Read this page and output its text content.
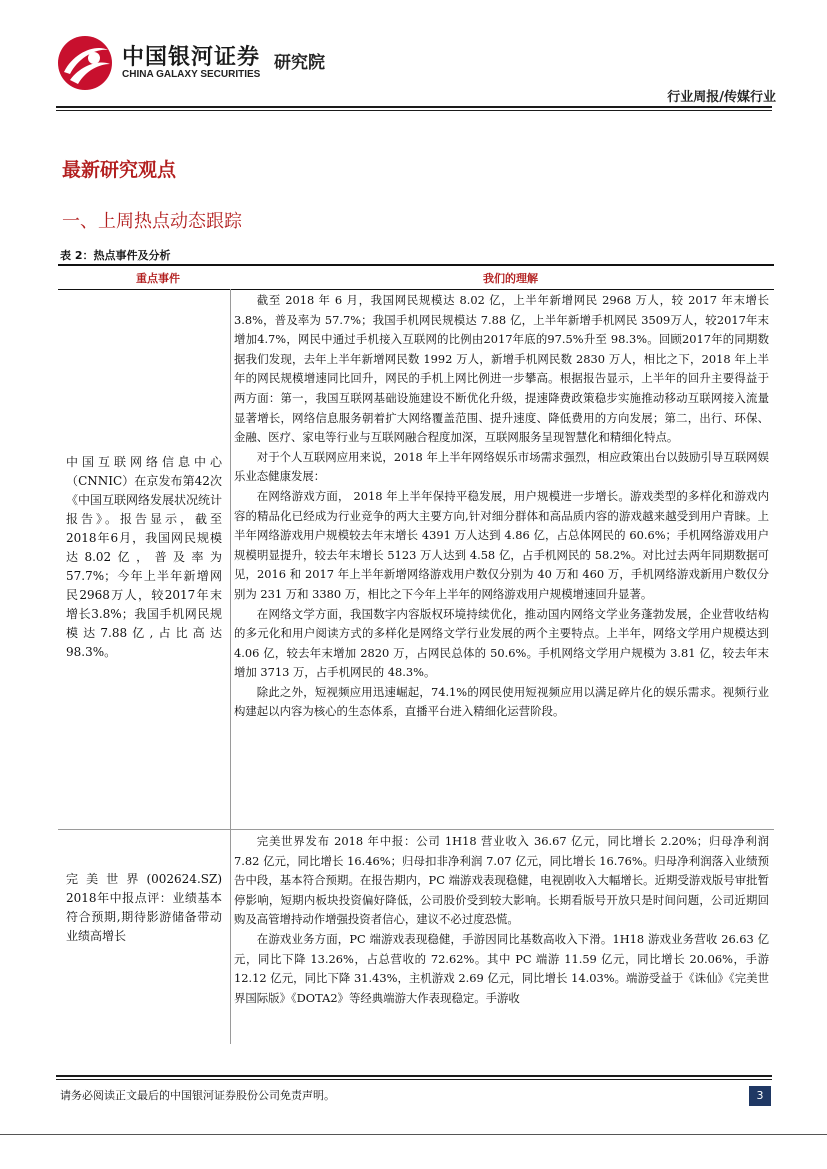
中国银河证券
CHINA GALAXY SECURITIES
研究院
行业周报/传媒行业
最新研究观点
一、上周热点动态跟踪
表 2：热点事件及分析
重点事件	我们的理解
中国互联网络信息中心（CNNIC）在京发布第42次《中国互联网络发展状况统计报告》。报告显示，截至2018年6月，我国网民规模达8.02亿，普及率为57.7%；今年上半年新增网民2968万人，较2017年末增长3.8%；我国手机网民规模达7.88亿,占比高达98.3%。

截至 2018 年 6 月，我国网民规模达 8.02 亿，上半年新增网民 2968 万人，较 2017 年末增长 3.8%，普及率为 57.7%；我国手机网民规模达 7.88 亿，上半年新增手机网民 3509万人，较2017年末增加4.7%，网民中通过手机接入互联网的比例由2017年底的97.5%升至 98.3%。回顾2017年的同期数据我们发现，去年上半年新增网民数 1992 万人，新增手机网民数 2830 万人，相比之下，2018 年上半年的网民规模增速同比回升，网民的手机上网比例进一步攀高。根据报告显示，上半年的回升主要得益于两方面：第一，我国互联网基础设施建设不断优化升级，提速降费政策稳步实施推动移动互联网接入流量显著增长，网络信息服务朝着扩大网络覆盖范围、提升速度、降低费用的方向发展；第二，出行、环保、金融、医疗、家电等行业与互联网融合程度加深，互联网服务呈现智慧化和精细化特点。

对于个人互联网应用来说，2018 年上半年网络娱乐市场需求强烈，相应政策出台以鼓励引导互联网娱乐业态健康发展：

在网络游戏方面， 2018 年上半年保持平稳发展，用户规模进一步增长。游戏类型的多样化和游戏内容的精品化已经成为行业竞争的两大主要方向,针对细分群体和高品质内容的游戏越来越受到用户青睐。上半年网络游戏用户规模较去年末增长 4391 万人达到 4.86 亿，占总体网民的 60.6%；手机网络游戏用户规模明显提升，较去年末增长 5123 万人达到 4.58 亿，占手机网民的 58.2%。对比过去两年同期数据可见，2016 和 2017 年上半年新增网络游戏用户数仅分别为 40 万和 460 万，手机网络游戏新用户数仅分别为 231 万和 3380 万，相比之下今年上半年的网络游戏用户规模增速回升显著。

在网络文学方面，我国数字内容版权环境持续优化，推动国内网络文学业务蓬勃发展，企业营收结构的多元化和用户阅读方式的多样化是网络文学行业发展的两个主要特点。上半年，网络文学用户规模达到 4.06 亿，较去年末增加 2820 万，占网民总体的 50.6%。手机网络文学用户规模为 3.81 亿，较去年末增加 3713 万，占手机网民的 48.3%。

除此之外，短视频应用迅速崛起，74.1%的网民使用短视频应用以满足碎片化的娱乐需求。视频行业构建起以内容为核心的生态体系，直播平台进入精细化运营阶段。

完美世界(002624.SZ) 2018年中报点评：业绩基本符合预期,期待影游储备带动业绩高增长

完美世界发布 2018 年中报：公司 1H18 营业收入 36.67 亿元，同比增长 2.20%；归母净利润 7.82 亿元，同比增长 16.46%；归母扣非净利润 7.07 亿元，同比增长 16.76%。归母净利润落入业绩预告中段，基本符合预期。在报告期内，PC 端游戏表现稳健，电视剧收入大幅增长。近期受游戏版号审批暂停影响，短期内板块投资偏好降低，公司股价受到较大影响。长期看版号开放只是时间问题，公司近期回购及高管增持动作增强投资者信心，建议不必过度恐慌。

在游戏业务方面，PC 端游戏表现稳健，手游因同比基数高收入下滑。1H18 游戏业务营收 26.63 亿元，同比下降 13.26%，占总营收的 72.62%。其中 PC 端游 11.59 亿元，同比增长 20.06%，手游 12.12 亿元，同比下降 31.43%，主机游戏 2.69 亿元，同比增长 14.03%。端游受益于《诛仙》《完美世界国际版》《DOTA2》等经典端游大作表现稳定。手游收

请务必阅读正文最后的中国银河证券股份公司免责声明。	3
